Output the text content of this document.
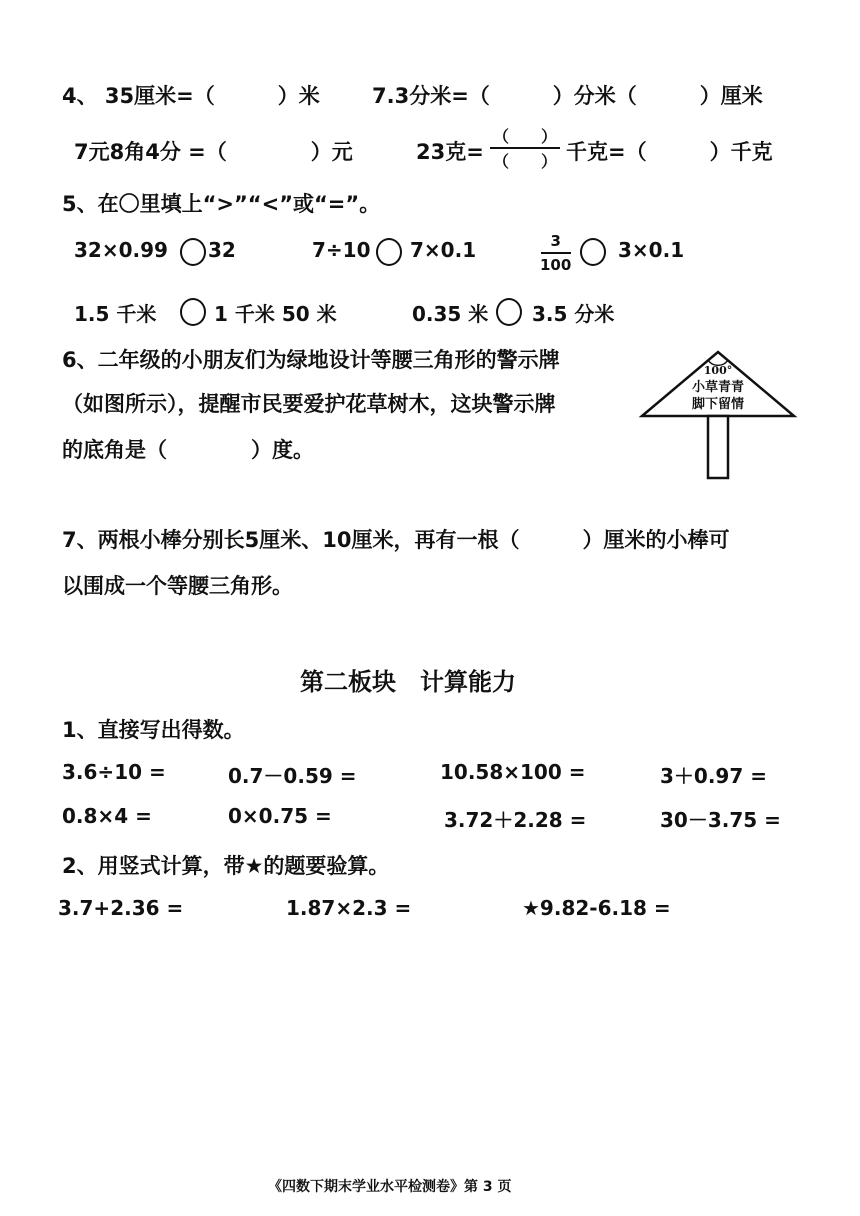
4、 35厘米=（　　　）米 7.3分米=（　　　）分米（　　　）厘米
7元8角4分 =（　　　　）元	23克=
（　　）
（　　） 千克=（　　　）千克
5、在〇里填上“>”“<”或“=”。
32×0.99 32	7÷10 7×0.1	3
100
3×0.1
1.5 千米	1 千米 50 米	0.35 米 3.5 分米
6、二年级的小朋友们为绿地设计等腰三角形的警示牌
（如图所示），提醒市民要爱护花草树木，这块警示牌
的底角是（　　　　）度。
100°
小草青青
脚下留情
7、两根小棒分别长5厘米、10厘米，再有一根（　　　）厘米的小棒可
以围成一个等腰三角形。
第二板块　计算能力
1、直接写出得数。
3.6÷10 =	0.7－0.59 =	10.58×100 =	3＋0.97 =
0.8×4 =	0×0.75 =	3.72＋2.28 =	30－3.75 =
2、用竖式计算，带★的题要验算。
3.7+2.36 =	1.87×2.3 =	★9.82-6.18 =
《四数下期末学业水平检测卷》第 3 页
